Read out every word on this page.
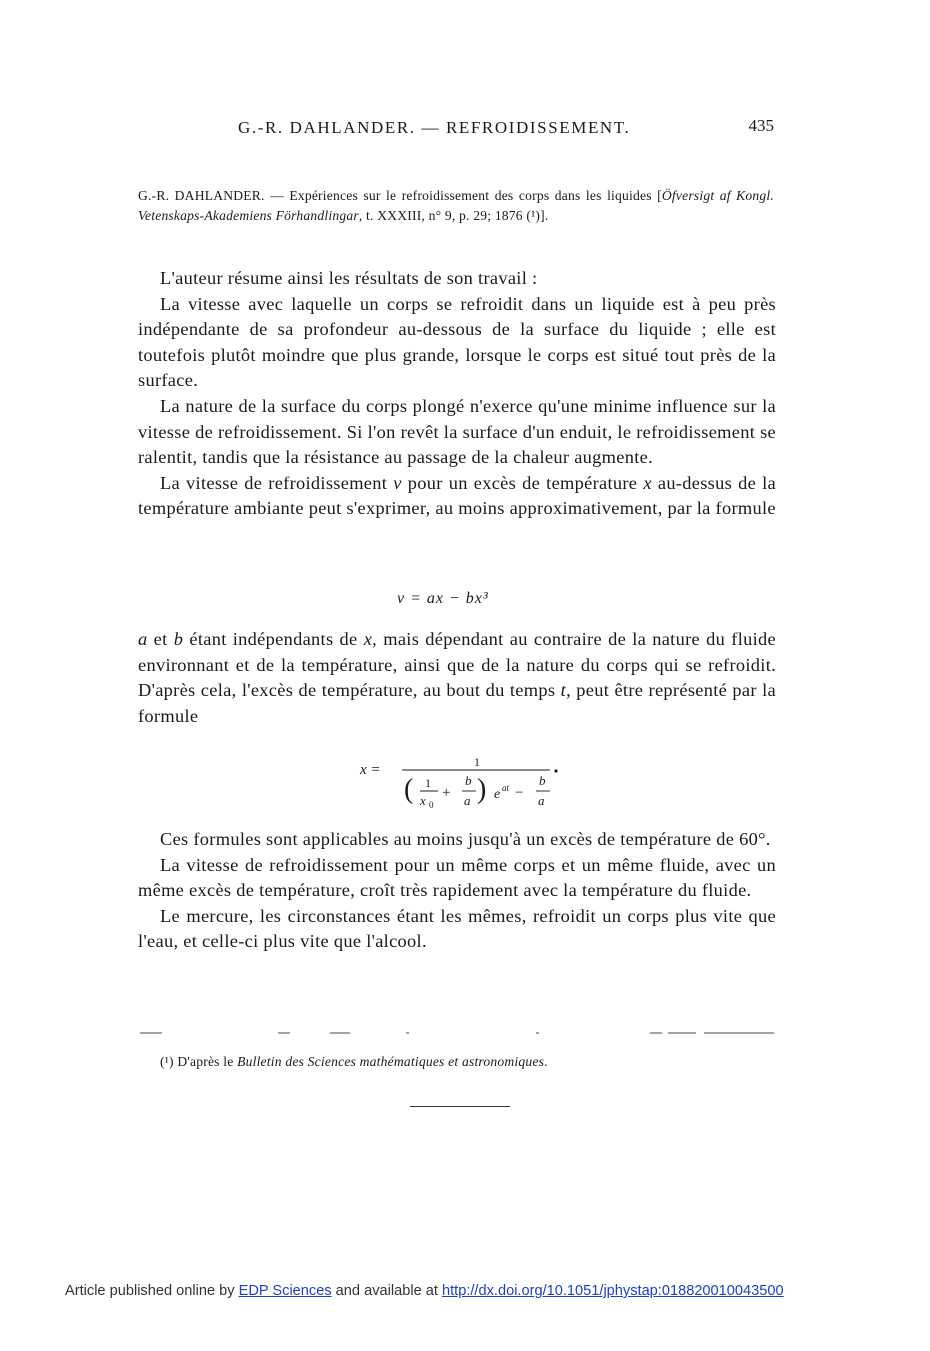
G.-R. DAHLANDER. — REFROIDISSEMENT.	435
G.-R. DAHLANDER. — Expériences sur le refroidissement des corps dans les liquides [Öfversigt af Kongl. Vetenskaps-Akademiens Förhandlingar, t. XXXIII, n° 9, p. 29; 1876 (¹)].

L'auteur résume ainsi les résultats de son travail :

La vitesse avec laquelle un corps se refroidit dans un liquide est à peu près indépendante de sa profondeur au-dessous de la surface du liquide ; elle est toutefois plutôt moindre que plus grande, lorsque le corps est situé tout près de la surface.

La nature de la surface du corps plongé n'exerce qu'une minime influence sur la vitesse de refroidissement. Si l'on revêt la surface d'un enduit, le refroidissement se ralentit, tandis que la résistance au passage de la chaleur augmente.

La vitesse de refroidissement v pour un excès de température x au-dessus de la température ambiante peut s'exprimer, au moins approximativement, par la formule

v = ax − bx³

a et b étant indépendants de x, mais dépendant au contraire de la nature du fluide environnant et de la température, ainsi que de la nature du corps qui se refroidit. D'après cela, l'excès de température, au bout du temps t, peut être représenté par la formule

x =	1
( 1
x 0
+
b
a ) e at −
b
a

Ces formules sont applicables au moins jusqu'à un excès de température de 60°.

La vitesse de refroidissement pour un même corps et un même fluide, avec un même excès de température, croît très rapidement avec la température du fluide.

Le mercure, les circonstances étant les mêmes, refroidit un corps plus vite que l'eau, et celle-ci plus vite que l'alcool.

(¹) D'après le Bulletin des Sciences mathématiques et astronomiques.
Article published online by EDP Sciences and available at http://dx.doi.org/10.1051/jphystap:018820010043500
